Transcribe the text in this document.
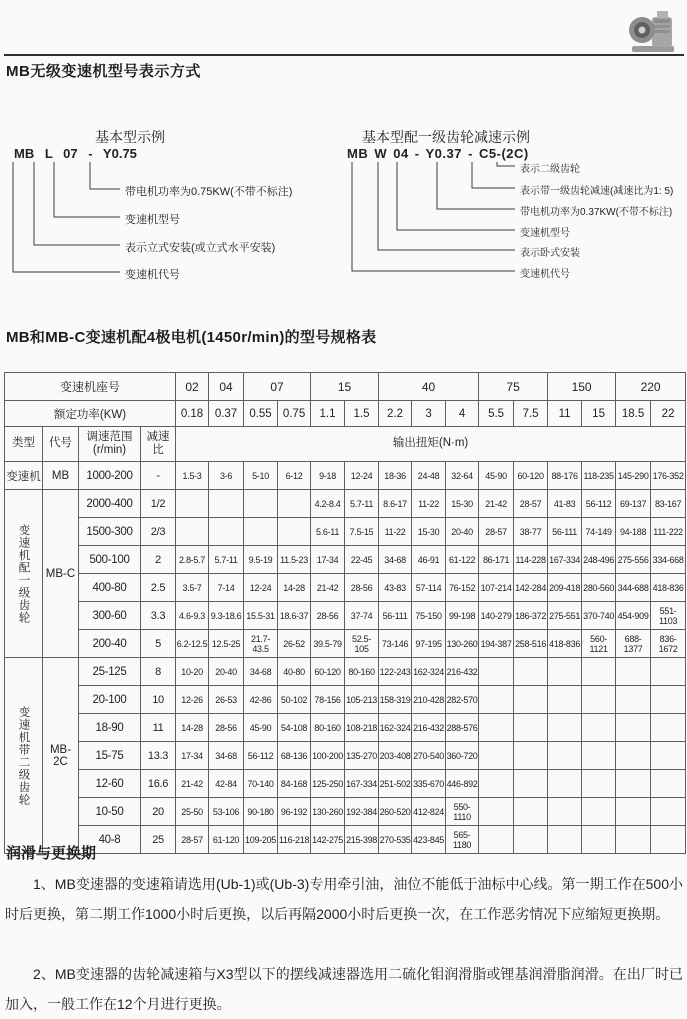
MB无级变速机型号表示方式
基本型示例	基本型配一级齿轮减速示例
MB L 07 - Y0.75	MB W 04 - Y0.37 - C5-(2C)
带电机功率为0.75KW(不带不标注)
变速机型号
表示立式安装(或立式水平安装)
变速机代号
表示二级齿轮
表示带一级齿轮减速(减速比为1: 5)
带电机功率为0.37KW(不带不标注)
变速机型号
表示卧式安装
变速机代号
MB和MB-C变速机配4极电机(1450r/min)的型号规格表
变速机座号				02	04	07		15		40			75		150		220	
额定功率(KW)				0.18	0.37	0.55	0.75	1.1	1.5	2.2	3	4	5.5	7.5	11	15	18.5	22
类型	代号	调速范围 (r/min)	减速比	输出扭矩(N·m)														
变速机	MB	1000-200	-	1.5-3	3-6	5-10	6-12	9-18	12-24	18-36	24-48	32-64	45-90	60-120	88-176	118-235	145-290	176-352
变速机配一级齿轮	MB-C	2000-400	1/2					4.2-8.4	5.7-11	8.6-17	11-22	15-30	21-42	28-57	41-83	56-112	69-137	83-167
		1500-300	2/3					5.6-11	7.5-15	11-22	15-30	20-40	28-57	38-77	56-111	74-149	94-188	111-222
		500-100	2	2.8-5.7	5.7-11	9.5-19	11.5-23	17-34	22-45	34-68	46-91	61-122	86-171	114-228	167-334	248-496	275-556	334-668
		400-80	2.5	3.5-7	7-14	12-24	14-28	21-42	28-56	43-83	57-114	76-152	107-214	142-284	209-418	280-560	344-688	418-836
		300-60	3.3	4.6-9.3	9.3-18.6	15.5-31	18.6-37	28-56	37-74	56-111	75-150	99-198	140-279	186-372	275-551	370-740	454-909	551-1103
		200-40	5	6.2-12.5	12.5-25	21.7-43.5	26-52	39.5-79	52.5-105	73-146	97-195	130-260	194-387	258-516	418-836	560-1121	688-1377	836-1672
变速机带二级齿轮	MB-2C	25-125	8	10-20	20-40	34-68	40-80	60-120	80-160	122-243	162-324	216-432						
		20-100	10	12-26	26-53	42-86	50-102	78-156	105-213	158-319	210-428	282-570						
		18-90	11	14-28	28-56	45-90	54-108	80-160	108-218	162-324	216-432	288-576						
		15-75	13.3	17-34	34-68	56-112	68-136	100-200	135-270	203-408	270-540	360-720						
		12-60	16.6	21-42	42-84	70-140	84-168	125-250	167-334	251-502	335-670	446-892						
		10-50	20	25-50	53-106	90-180	96-192	130-260	192-384	260-520	412-824	550-1110						
		40-8	25	28-57	61-120	109-205	116-218	142-275	215-398	270-535	423-845	565-1180						
润滑与更换期
1、MB变速器的变速箱请选用(Ub-1)或(Ub-3)专用牵引油，油位不能低于油标中心线。第一期工作在500小时后更换，第二期工作1000小时后更换，以后再隔2000小时后更换一次，在工作恶劣情况下应缩短更换期。
2、MB变速器的齿轮减速箱与X3型以下的摆线减速器选用二硫化钼润滑脂或锂基润滑脂润滑。在出厂时已加入，一般工作在12个月进行更换。
